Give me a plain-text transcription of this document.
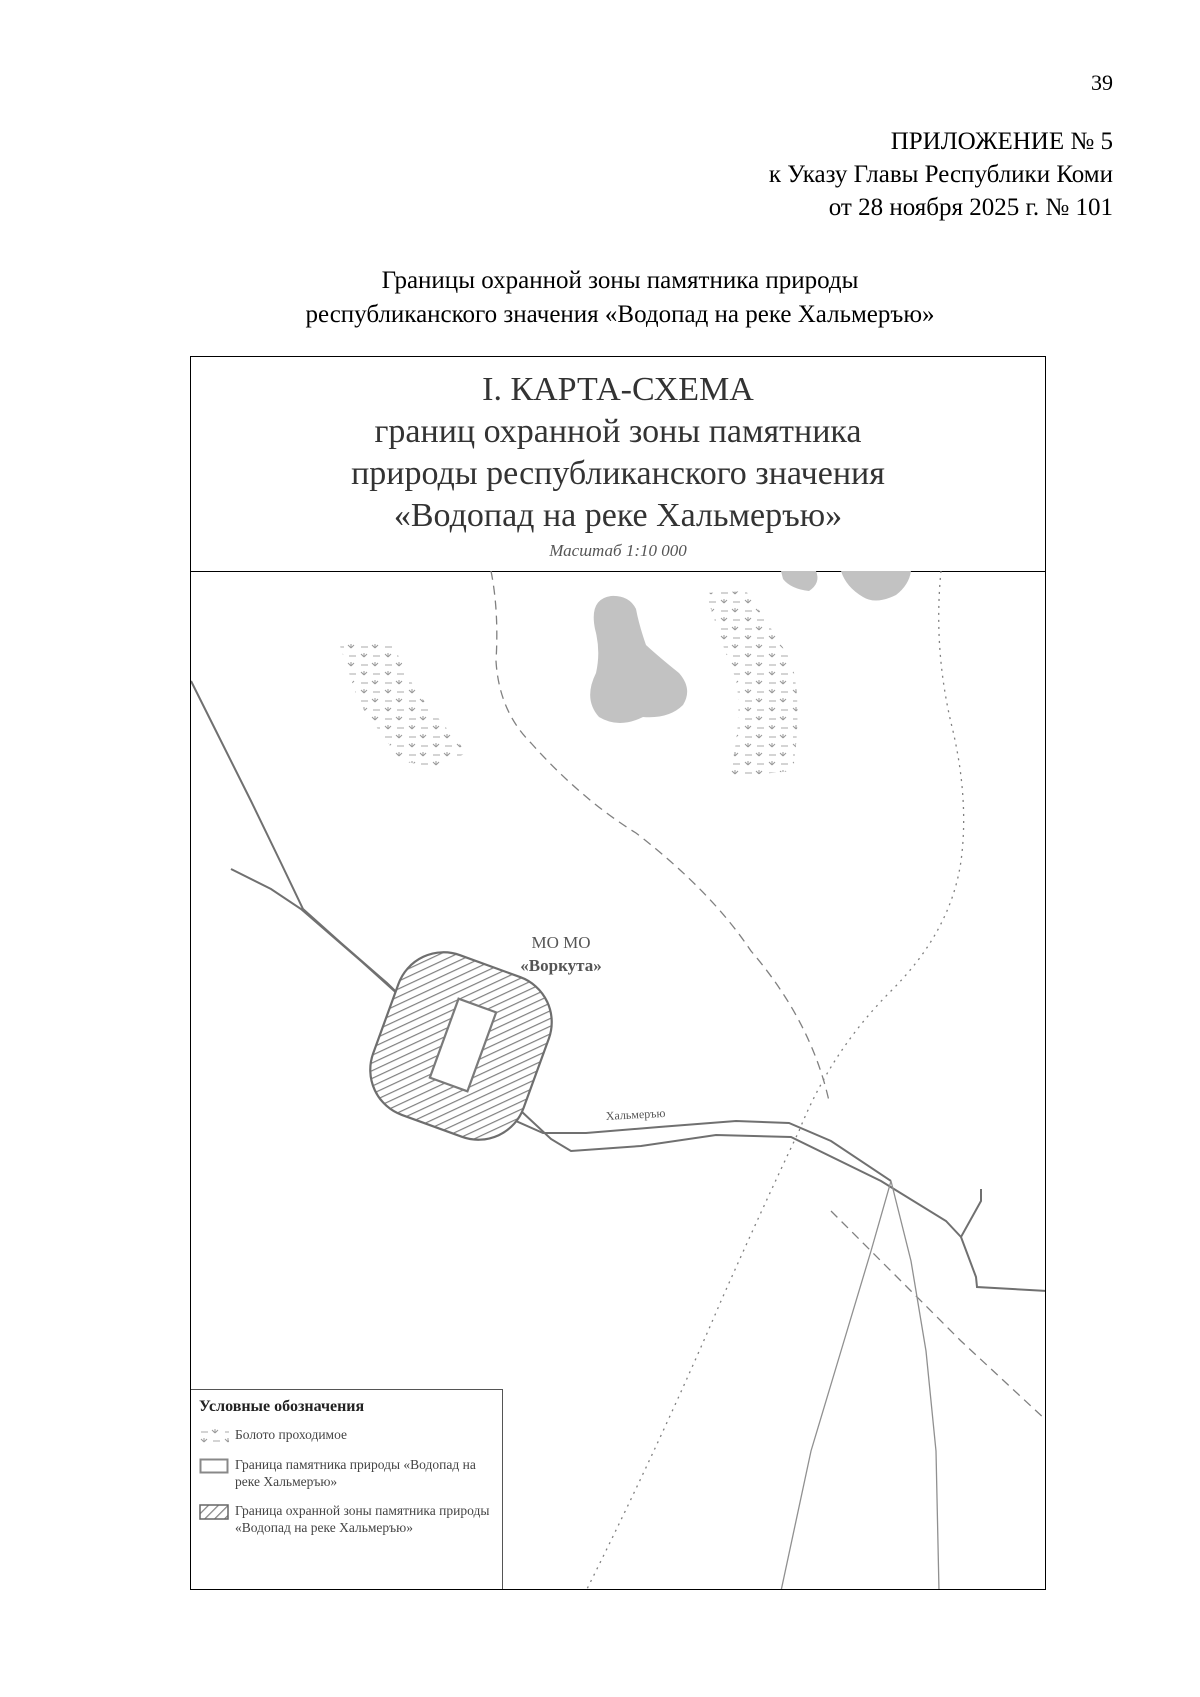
39
ПРИЛОЖЕНИЕ № 5
к Указу Главы Республики Коми
от 28 ноября 2025 г. № 101
Границы охранной зоны памятника природы
республиканского значения «Водопад на реке Хальмеръю»
I. КАРТА-СХЕМА
границ охранной зоны памятника
природы республиканского значения
«Водопад на реке Хальмеръю»
Масштаб 1:10 000
МО МО
«Воркута»
Хальмеръю
Условные обозначения
Болото проходимое
Граница памятника природы «Водопад на реке Хальмеръю»
Граница охранной зоны памятника природы «Водопад на реке Хальмеръю»
